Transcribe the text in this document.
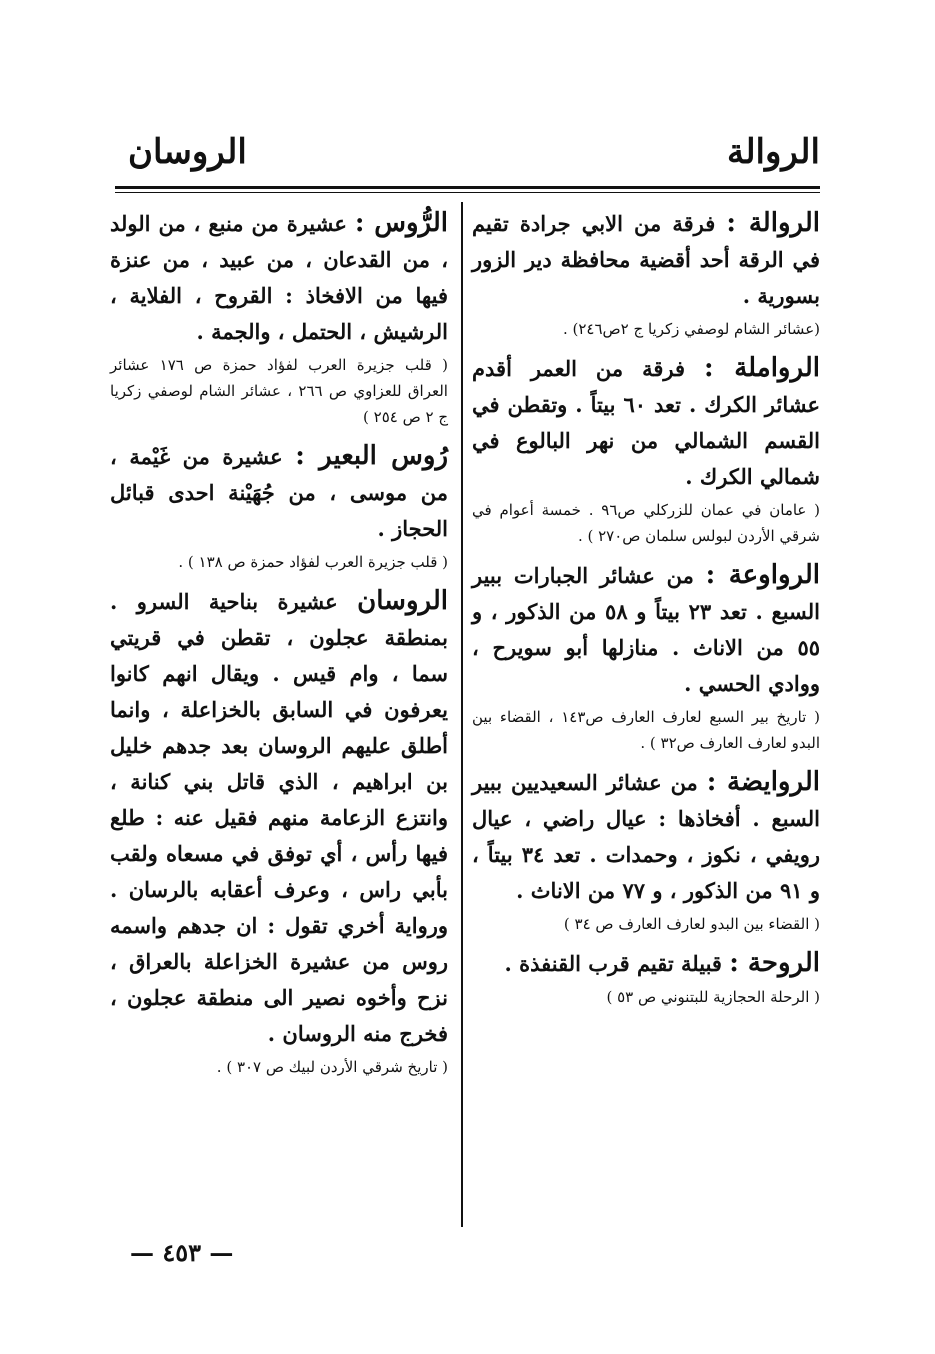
الروالة
الروسان
الروالة : فرقة من الابي جرادة تقيم في الرقة أحد أقضية محافظة دير الزور بسورية .
(عشائر الشام لوصفي زكريا ج ٢ص٢٤٦) .
الرواملة : فرقة من العمر أقدم عشائر الكرك . تعد ٦٠ بيتاً . وتقطن في القسم الشمالي من نهر البالوع في شمالي الكرك .
( عامان في عمان للزركلي ص٩٦ . خمسة أعوام في شرقي الأردن لبولس سلمان ص٢٧٠ ) .
الرواوعة : من عشائر الجبارات ببير السبع . تعد ٢٣ بيتاً و ٥٨ من الذكور ، و ٥٥ من الاناث . منازلها أبو سويرح ، ووادي الحسي .
( تاريخ بير السبع لعارف العارف ص١٤٣ ، القضاء بين البدو لعارف العارف ص٣٢ ) .
الروايضة : من عشائر السعيديين ببير السبع . أفخاذها : عيال راضي ، عيال رويفي ، نكوز ، وحمدات . تعد ٣٤ بيتاً ، و ٩١ من الذكور ، و ٧٧ من الاناث .
( القضاء بين البدو لعارف العارف ص ٣٤ )
الروحة : قبيلة تقيم قرب القنفذة .
( الرحلة الحجازية للبتنوني ص ٥٣ )
الرُّوس : عشيرة من منبع ، من الولد ، من القدعان ، من عبيد ، من عنزة فيها من الافخاذ : القروح ، الفلاية ، الرشيش ، الحتمل ، والجمة .
( قلب جزيرة العرب لفؤاد حمزة ص ١٧٦ عشائر العراق للعزاوي ص ٢٦٦ ، عشائر الشام لوصفي زكريا ج ٢ ص ٢٥٤ )
رُوس البعير : عشيرة من غَيْمة ، من موسى ، من جُهَيْنة احدى قبائل الحجاز .
( قلب جزيرة العرب لفؤاد حمزة ص ١٣٨ ) .
الروسان عشيرة بناحية السرو . بمنطقة عجلون ، تقطن في قريتي سما ، وام قيس . ويقال انهم كانوا يعرفون في السابق بالخزاعلة ، وانما أطلق عليهم الروسان بعد جدهم خليل بن ابراهيم ، الذي قاتل بني كنانة ، وانتزع الزعامة منهم فقيل عنه : طلع فيها رأس ، أي توفق في مسعاه ولقب بأبي راس ، وعرف أعقابه بالرسان . ورواية أخري تقول : ان جدهم واسمه روس من عشيرة الخزاعلة بالعراق ، نزح وأخوه نصير الى منطقة عجلون ، فخرج منه الروسان .
( تاريخ شرقي الأردن لبيك ص ٣٠٧ ) .
— ٤٥٣ —
